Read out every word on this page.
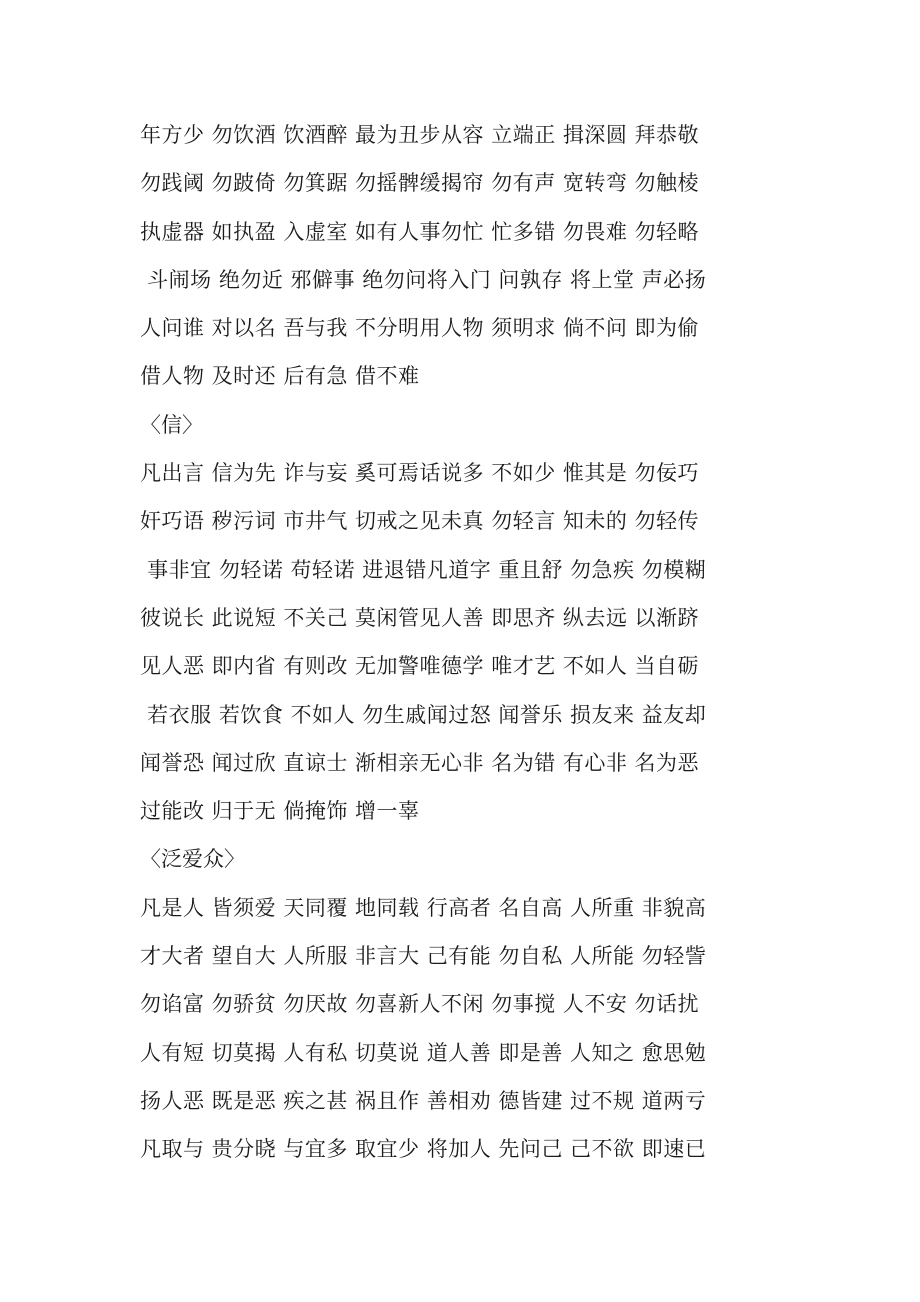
年方少 勿饮酒 饮酒醉 最为丑步从容 立端正 揖深圆 拜恭敬
勿践阈 勿跛倚 勿箕踞 勿摇髀缓揭帘 勿有声 宽转弯 勿触棱
执虚器 如执盈 入虚室 如有人事勿忙 忙多错 勿畏难 勿轻略
斗闹场 绝勿近 邪僻事 绝勿问将入门 问孰存 将上堂 声必扬
人问谁 对以名 吾与我 不分明用人物 须明求 倘不问 即为偷
借人物 及时还 后有急 借不难
〈信〉
凡出言 信为先 诈与妄 奚可焉话说多 不如少 惟其是 勿佞巧
奸巧语 秽污词 市井气 切戒之见未真 勿轻言 知未的 勿轻传
事非宜 勿轻诺 苟轻诺 进退错凡道字 重且舒 勿急疾 勿模糊
彼说长 此说短 不关己 莫闲管见人善 即思齐 纵去远 以渐跻
见人恶 即内省 有则改 无加警唯德学 唯才艺 不如人 当自砺
若衣服 若饮食 不如人 勿生戚闻过怒 闻誉乐 损友来 益友却
闻誉恐 闻过欣 直谅士 渐相亲无心非 名为错 有心非 名为恶
过能改 归于无 倘掩饰 增一辜
〈泛爱众〉
凡是人 皆须爱 天同覆 地同载 行高者 名自高 人所重 非貌高
才大者 望自大 人所服 非言大 己有能 勿自私 人所能 勿轻訾
勿谄富 勿骄贫 勿厌故 勿喜新人不闲 勿事搅 人不安 勿话扰
人有短 切莫揭 人有私 切莫说 道人善 即是善 人知之 愈思勉
扬人恶 既是恶 疾之甚 祸且作 善相劝 德皆建 过不规 道两亏
凡取与 贵分晓 与宜多 取宜少 将加人 先问己 己不欲 即速已
